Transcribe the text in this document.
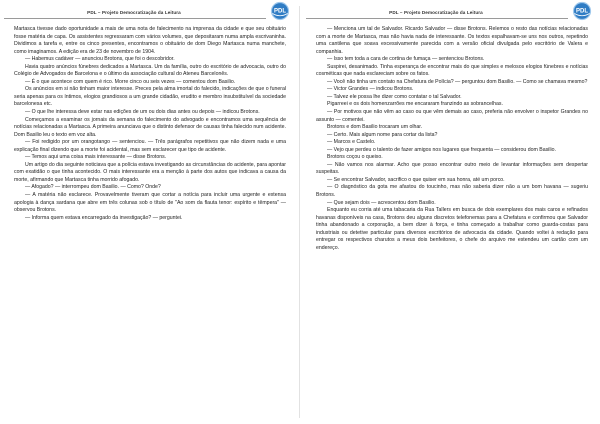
PDL – Projeto Democratização da Leitura	PDL

Martasca tivesse dado oportunidade a mais de uma nota de falecimento na imprensa da cidade e que seu obituário fosse matéria de capa. Os assistentes regressaram com vários volumes, que depositaram numa ampla escrivaninha. Dividimos a tarefa e, entre os cinco presentes, encontramos o obituário de dom Diego Martasca numa manchete, como imaginamos. A edição era de 23 de novembro de 1904.

— Habemus cadáver — anunciou Brotons, que foi o descobridor.

Havia quatro anúncios fúnebres dedicados a Martasca. Um da família, outro do escritório de advocacia, outro do Colégio de Advogados de Barcelona e o último da associação cultural do Ateneu Barcelonês.

— É o que acontece com quem é rico. Morre cinco ou seis vezes — comentou dom Basilio.

Os anúncios em si não tinham maior interesse. Preces pela alma imortal do falecido, indicações de que o funeral seria apenas para os íntimos, elogios grandiosos a um grande cidadão, erudito e membro insubstituível da sociedade barcelonesa etc.

— O que lhe interessa deve estar nas edições de um ou dois dias antes ou depois — indicou Brotons.

Começamos a examinar os jornais da semana do falecimento do advogado e encontramos uma sequência de notícias relacionadas a Martasca. A primeira anunciava que o distinto defensor de causas tinha falecido num acidente. Dom Basilio leu o texto em voz alta.

— Foi redigido por um orangotango — sentenciou. — Três parágrafos repetitivos que não dizem nada e uma explicação final dizendo que a morte foi acidental, mas sem esclarecer que tipo de acidente.

— Temos aqui uma coisa mais interessante — disse Brotons.

Um artigo do dia seguinte noticiava que a polícia estava investigando as circunstâncias do acidente, para apontar com exatidão o que tinha acontecido. O mais interessante era a menção à parte dos autos que indicava a causa da morte, afirmando que Martasca tinha morrido afogado.

— Afogado? — interrompeu dom Basilio. — Como? Onde?

— A matéria não esclarece. Provavelmente tiveram que cortar a notícia para incluir uma urgente e extensa apologia à dança sardana que abre em três colunas sob o título de "Ao som da flauta tenor: espírito e têmpera" — observou Brotons.

— Informa quem estava encarregado da investigação? — perguntei.

PDL – Projeto Democratização da Leitura	PDL

— Menciona um tal de Salvador. Ricardo Salvador — disse Brotons. Relemos o resto das notícias relacionadas com a morte de Martasca, mas não havia nada de interessante. Os textos espalhavam-se uns nos outros, repetindo uma cantilena que soava excessivamente parecida com a versão oficial divulgada pelo escritório de Valera e companhia.

— Isso tem toda a cara de cortina de fumaça — sentenciou Brotons.

Suspirei, desanimado. Tinha esperança de encontrar mais do que simples e melosos elogios fúnebres e notícias cosméticas que nada esclareciam sobre os fatos.

— Você não tinha um contato na Chefatura de Polícia? — perguntou dom Basilio. — Como se chamava mesmo?

— Victor Grandes — indicou Brotons.

— Talvez ele possa lhe dizer como contatar o tal Salvador.

Pigarreei e os dois homenzarrões me encararam franzindo as sobrancelhas.

— Por motivos que não vêm ao caso ou que vêm demais ao caso, preferia não envolver o inspetor Grandes no assunto — comentei.

Brotons e dom Basilio trocaram um olhar.

— Certo. Mais algum nome para cortar da lista?

— Marcos e Castelo.

— Vejo que perdeu o talento de fazer amigos nos lugares que frequenta — considerou dom Basilio.

Brotons coçou o queixo.

— Não vamos nos alarmar. Acho que posso encontrar outro meio de levantar informações sem despertar suspeitas.

— Se encontrar Salvador, sacrifico o que quiser em sua honra, até um porco.

— O diagnóstico da gota me afastou do toucinho, mas não saberia dizer não a um bom havana — sugeriu Brotons.

— Que sejam dois — acrescentou dom Basilio.

Enquanto eu corria até uma tabacaria da Rua Tallers em busca de dois exemplares dos mais caros e refinados havanas disponíveis na casa, Brotons deu alguns discretos telefonemas para a Chefatura e confirmou que Salvador tinha abandonado a corporação, a bem dizer à força, e tinha começado a trabalhar como guarda-costas para industriais ou detetive particular para diversos escritórios de advocacia da cidade. Quando voltei à redação para entregar os respectivos charutos a meus dois benfeitores, o chefe do arquivo me estendeu um cartão com um endereço.
